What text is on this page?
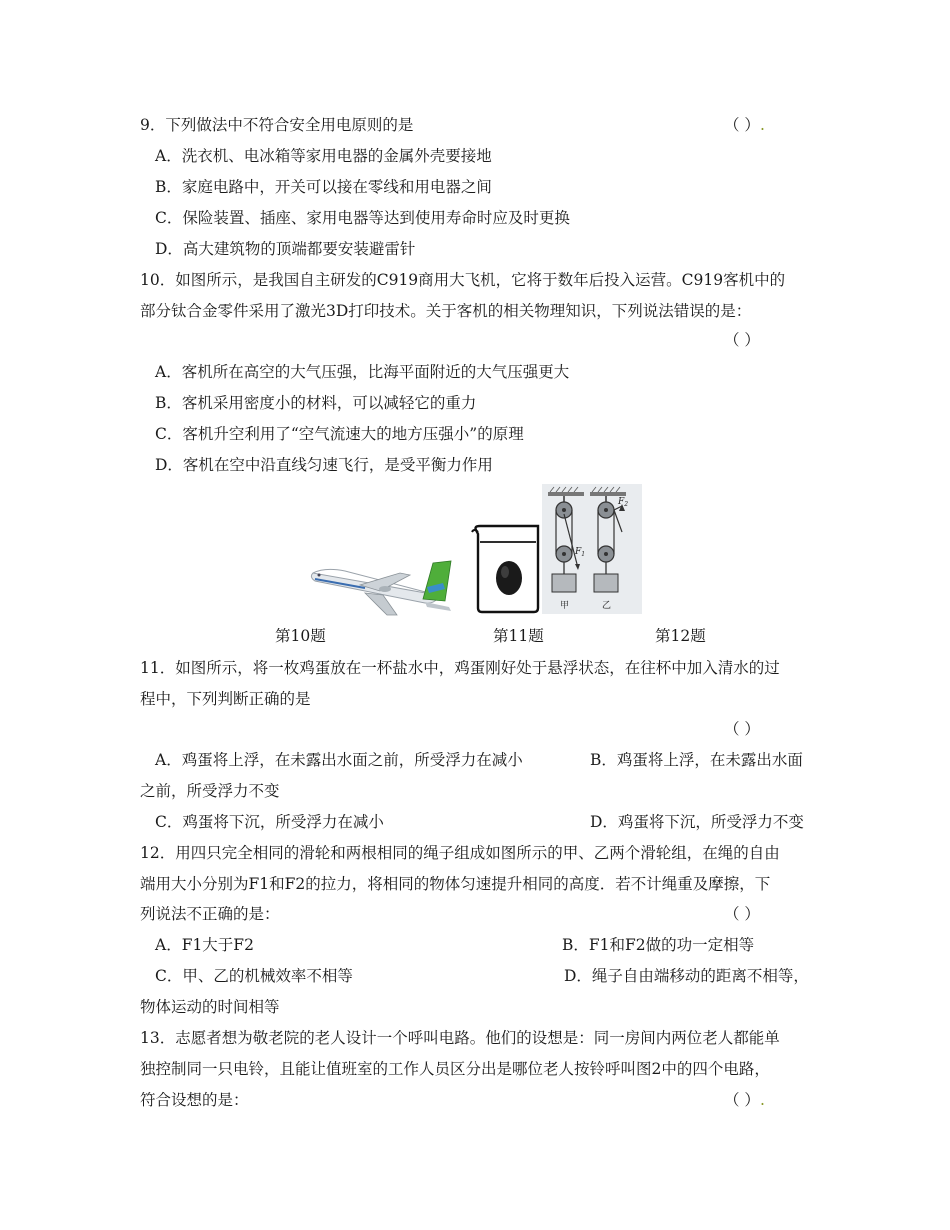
9．下列做法中不符合安全用电原则的是	（ ）.
A．洗衣机、电冰箱等家用电器的金属外壳要接地
B．家庭电路中，开关可以接在零线和用电器之间
C．保险装置、插座、家用电器等达到使用寿命时应及时更换
D．高大建筑物的顶端都要安装避雷针
10．如图所示，是我国自主研发的C919商用大飞机，它将于数年后投入运营。C919客机中的
部分钛合金零件采用了激光3D打印技术。关于客机的相关物理知识，下列说法错误的是：
（ ）
A．客机所在高空的大气压强，比海平面附近的大气压强更大
B．客机采用密度小的材料，可以减轻它的重力
C．客机升空利用了“空气流速大的地方压强小”的原理
D．客机在空中沿直线匀速飞行，是受平衡力作用
$F_1$
$F_2$
甲	乙
第10题	第11题	第12题
11．如图所示，将一枚鸡蛋放在一杯盐水中，鸡蛋刚好处于悬浮状态，在往杯中加入清水的过
程中，下列判断正确的是
（ ）
A．鸡蛋将上浮，在未露出水面之前，所受浮力在减小	B．鸡蛋将上浮，在未露出水面
之前，所受浮力不变
C．鸡蛋将下沉，所受浮力在减小	D．鸡蛋将下沉，所受浮力不变
12．用四只完全相同的滑轮和两根相同的绳子组成如图所示的甲、乙两个滑轮组，在绳的自由
端用大小分别为F1和F2的拉力，将相同的物体匀速提升相同的高度．若不计绳重及摩擦，下
列说法不正确的是：	（ ）
A．F1大于F2	B．F1和F2做的功一定相等
C．甲、乙的机械效率不相等	D．绳子自由端移动的距离不相等，
物体运动的时间相等
13．志愿者想为敬老院的老人设计一个呼叫电路。他们的设想是：同一房间内两位老人都能单
独控制同一只电铃，且能让值班室的工作人员区分出是哪位老人按铃呼叫图2中的四个电路，
符合设想的是：	（ ）.
